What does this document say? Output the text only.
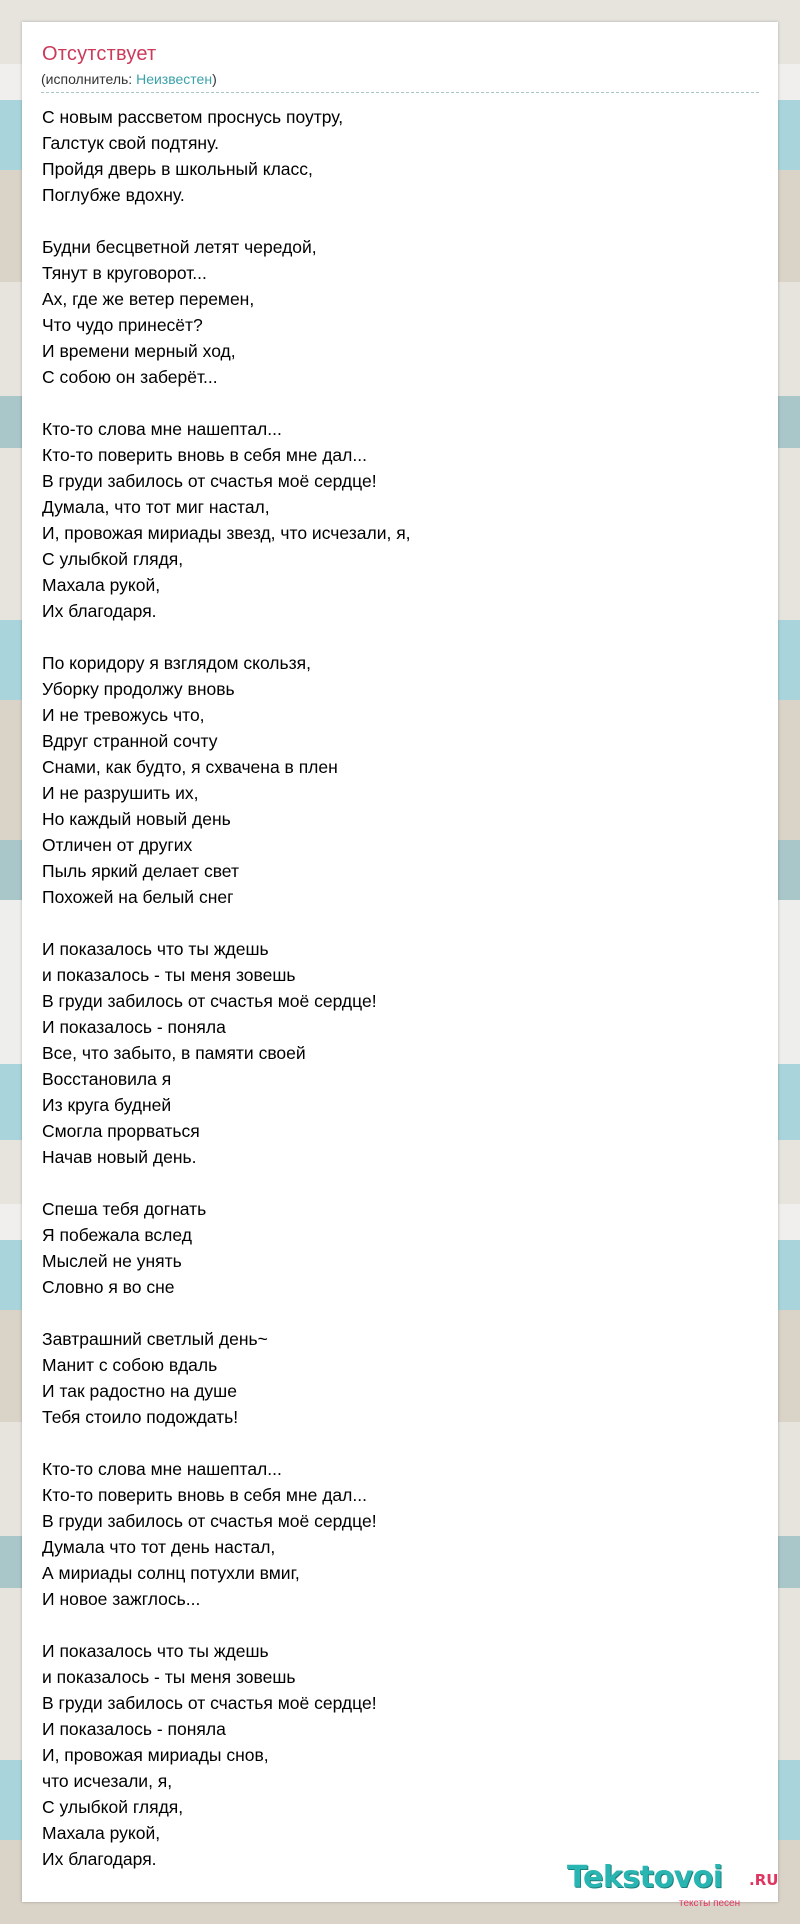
Отсутствует
(исполнитель: Неизвестен)
С новым рассветом проснусь поутру,
Галстук свой подтяну.
Пройдя дверь в школьный класс,
Поглубже вдохну.
Будни бесцветной летят чередой,
Тянут в круговорот...
Ах, где же ветер перемен,
Что чудо принесёт?
И времени мерный ход,
С собою он заберёт...
Кто-то слова мне нашептал...
Кто-то поверить вновь в себя мне дал...
В груди забилось от счастья моё сердце!
Думала, что тот миг настал,
И, провожая мириады звезд, что исчезали, я,
С улыбкой глядя,
Махала рукой,
Их благодаря.
По коридору я взглядом скользя,
Уборку продолжу вновь
И не тревожусь что,
Вдруг странной сочту
Снами, как будто, я схвачена в плен
И не разрушить их,
Но каждый новый день
Отличен от других
Пыль яркий делает свет
Похожей на белый снег
И показалось что ты ждешь
и показалось - ты меня зовешь
В груди забилось от счастья моё сердце!
И показалось - поняла
Все, что забыто, в памяти своей
Восстановила я
Из круга будней
Смогла прорваться
Начав новый день.
Спеша тебя догнать
Я побежала вслед
Мыслей не унять
Словно я во сне
Завтрашний светлый день~
Манит с собою вдаль
И так радостно на душе
Тебя стоило подождать!
Кто-то слова мне нашептал...
Кто-то поверить вновь в себя мне дал...
В груди забилось от счастья моё сердце!
Думала что тот день настал,
А мириады солнц потухли вмиг,
И новое зажглось...
И показалось что ты ждешь
и показалось - ты меня зовешь
В груди забилось от счастья моё сердце!
И показалось - поняла
И, провожая мириады снов,
что исчезали, я,
С улыбкой глядя,
Махала рукой,
Их благодаря.
Tekstovoi .RU
тексты песен
